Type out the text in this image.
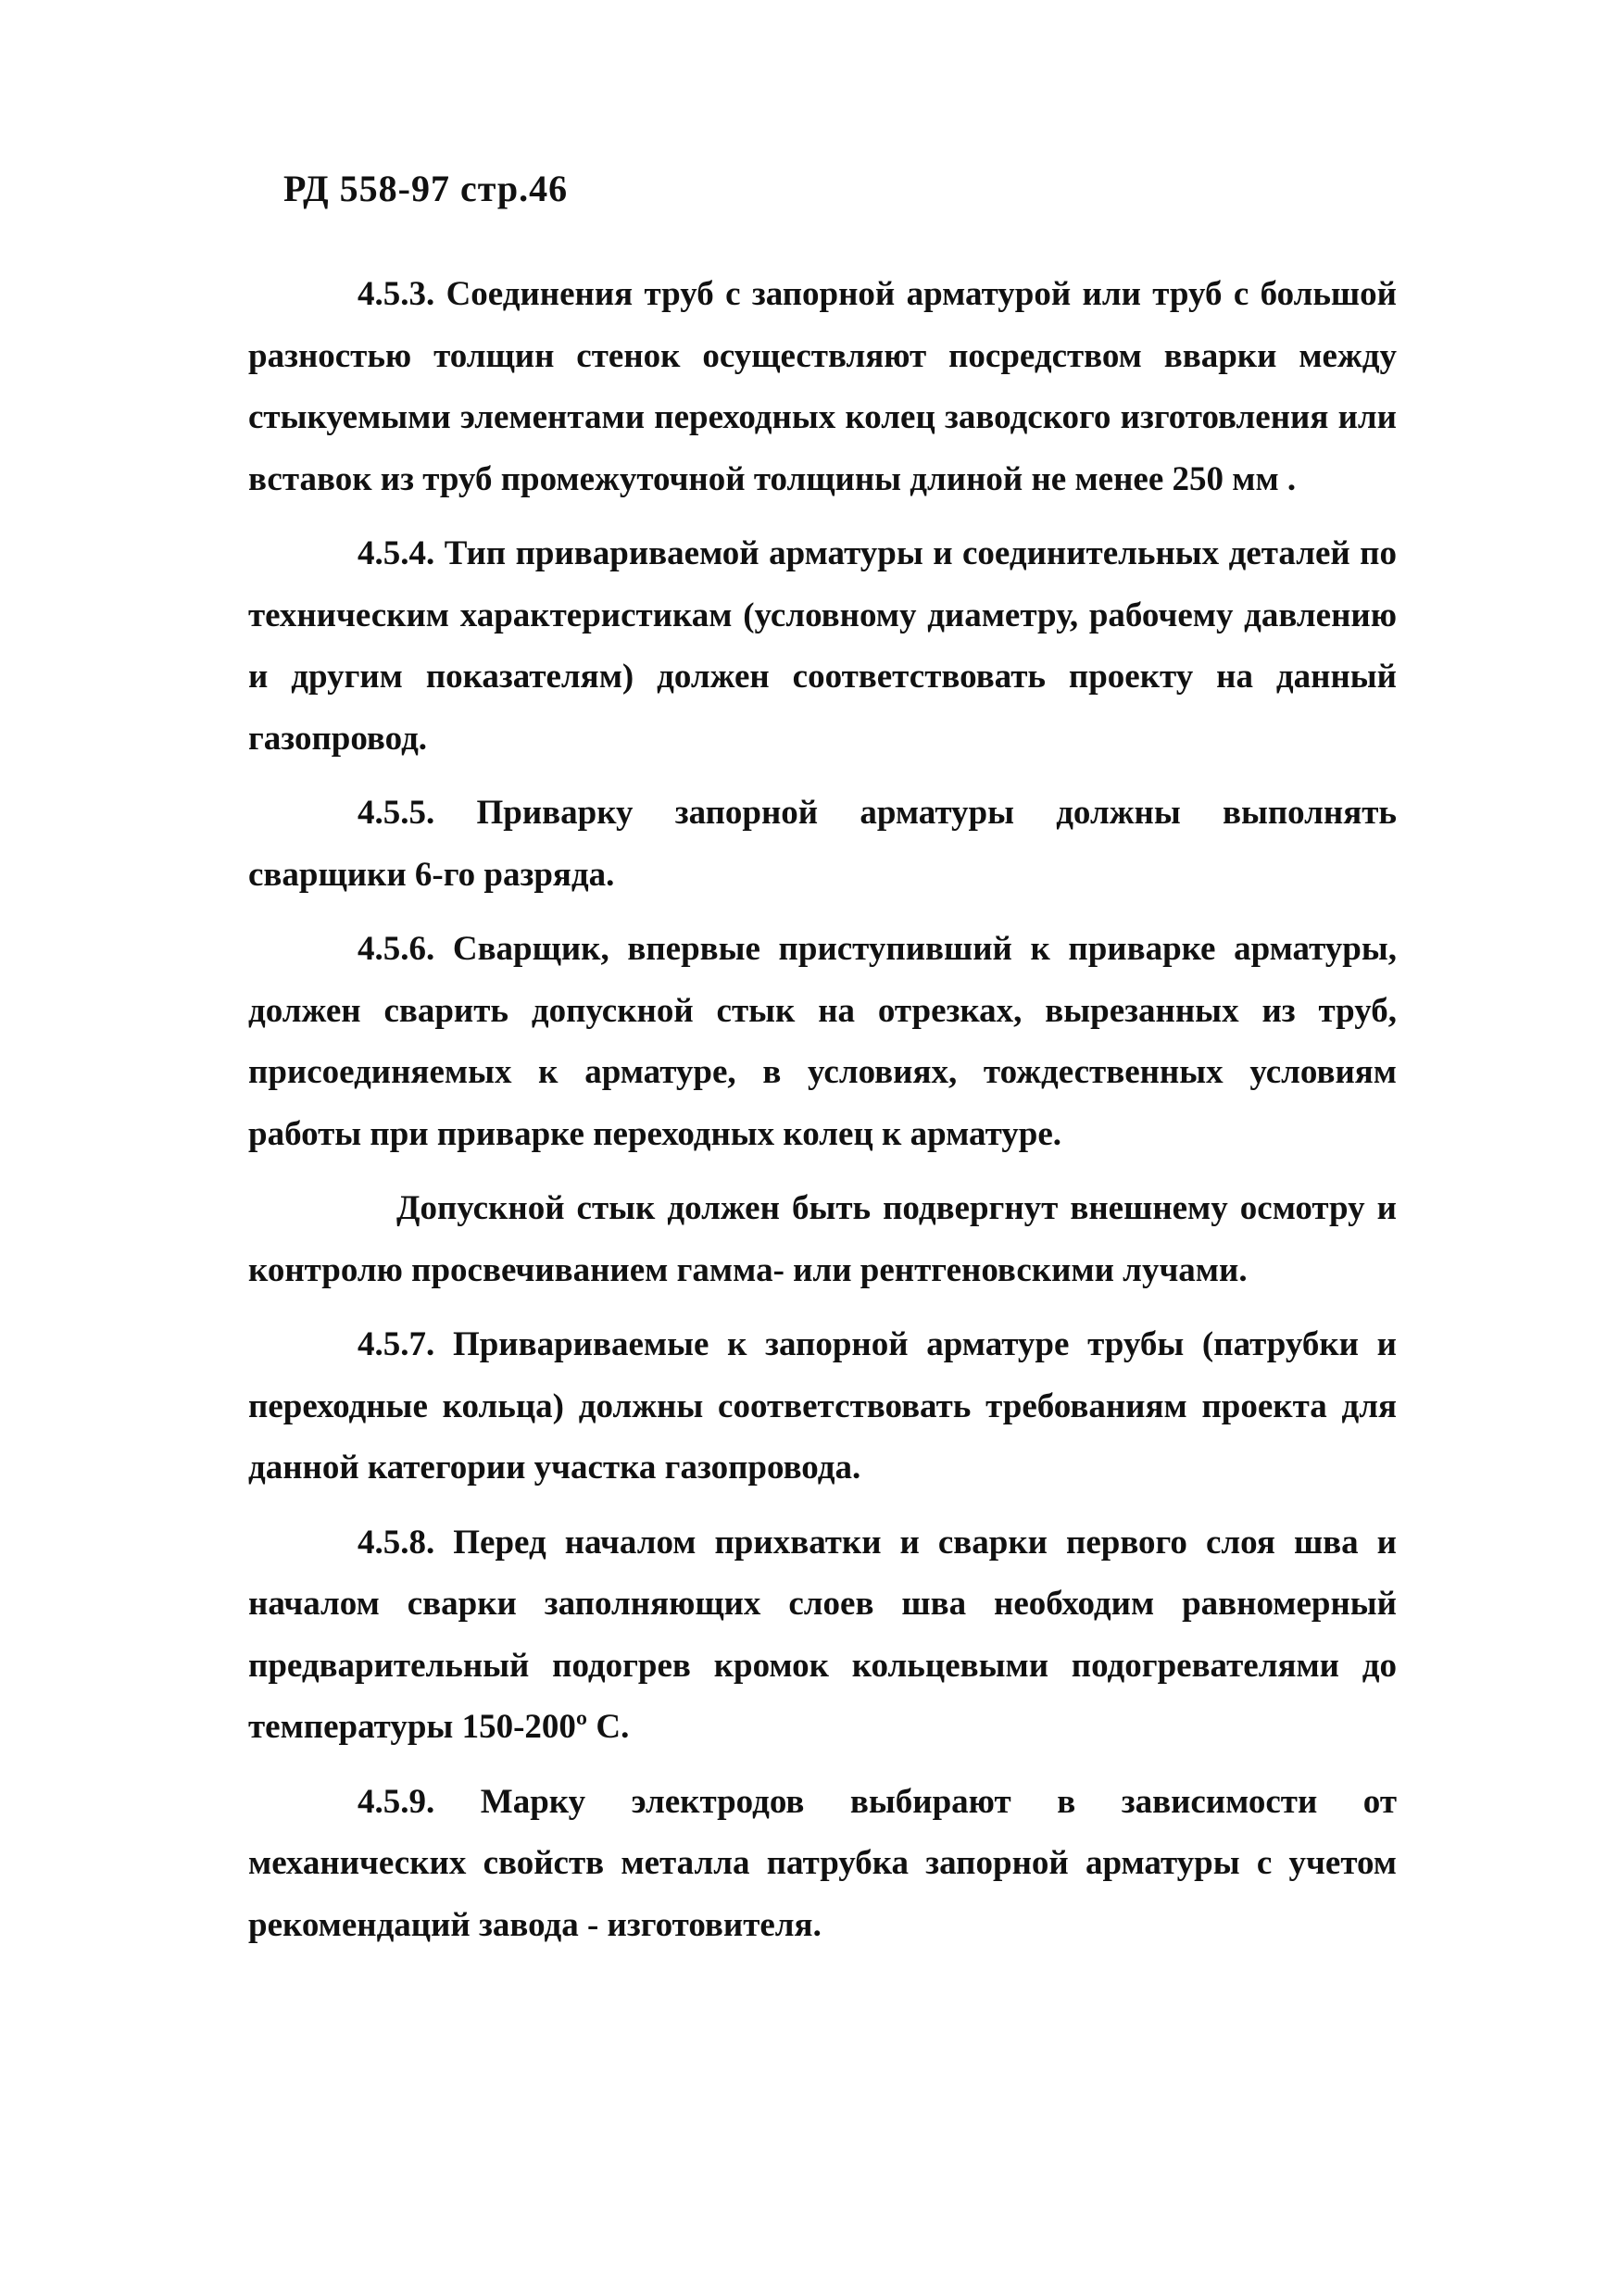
РД 558-97 стр.46

4.5.3. Соединения труб с запорной арматурой или труб с большой разностью толщин стенок осуществляют посредством вварки между стыкуемыми элементами переходных колец заводского изготовления или вставок из труб промежуточной толщины длиной не менее 250 мм .

4.5.4. Тип привариваемой арматуры и соединительных деталей по техническим характеристикам (условному диаметру, рабочему давлению и другим показателям) должен соответствовать проекту на данный газопровод.

4.5.5. Приварку запорной арматуры должны выполнять сварщики 6-го разряда.

4.5.6. Сварщик, впервые приступивший к приварке арматуры, должен сварить допускной стык на отрезках, вырезанных из труб, присоединяемых к арматуре, в условиях, тождественных условиям работы при приварке переходных колец к арматуре.

Допускной стык должен быть подвергнут внешнему осмотру и контролю просвечиванием гамма- или рентгеновскими лучами.

4.5.7. Привариваемые к запорной арматуре трубы (патрубки и переходные кольца) должны соответствовать требованиям проекта для данной категории участка газопровода.

4.5.8. Перед началом прихватки и сварки первого слоя шва и началом сварки заполняющих слоев шва необходим равномерный предварительный подогрев кромок кольцевыми подогревателями до температуры 150-200º С.

4.5.9. Марку электродов выбирают в зависимости от механических свойств металла патрубка запорной арматуры с учетом рекомендаций завода - изготовителя.
